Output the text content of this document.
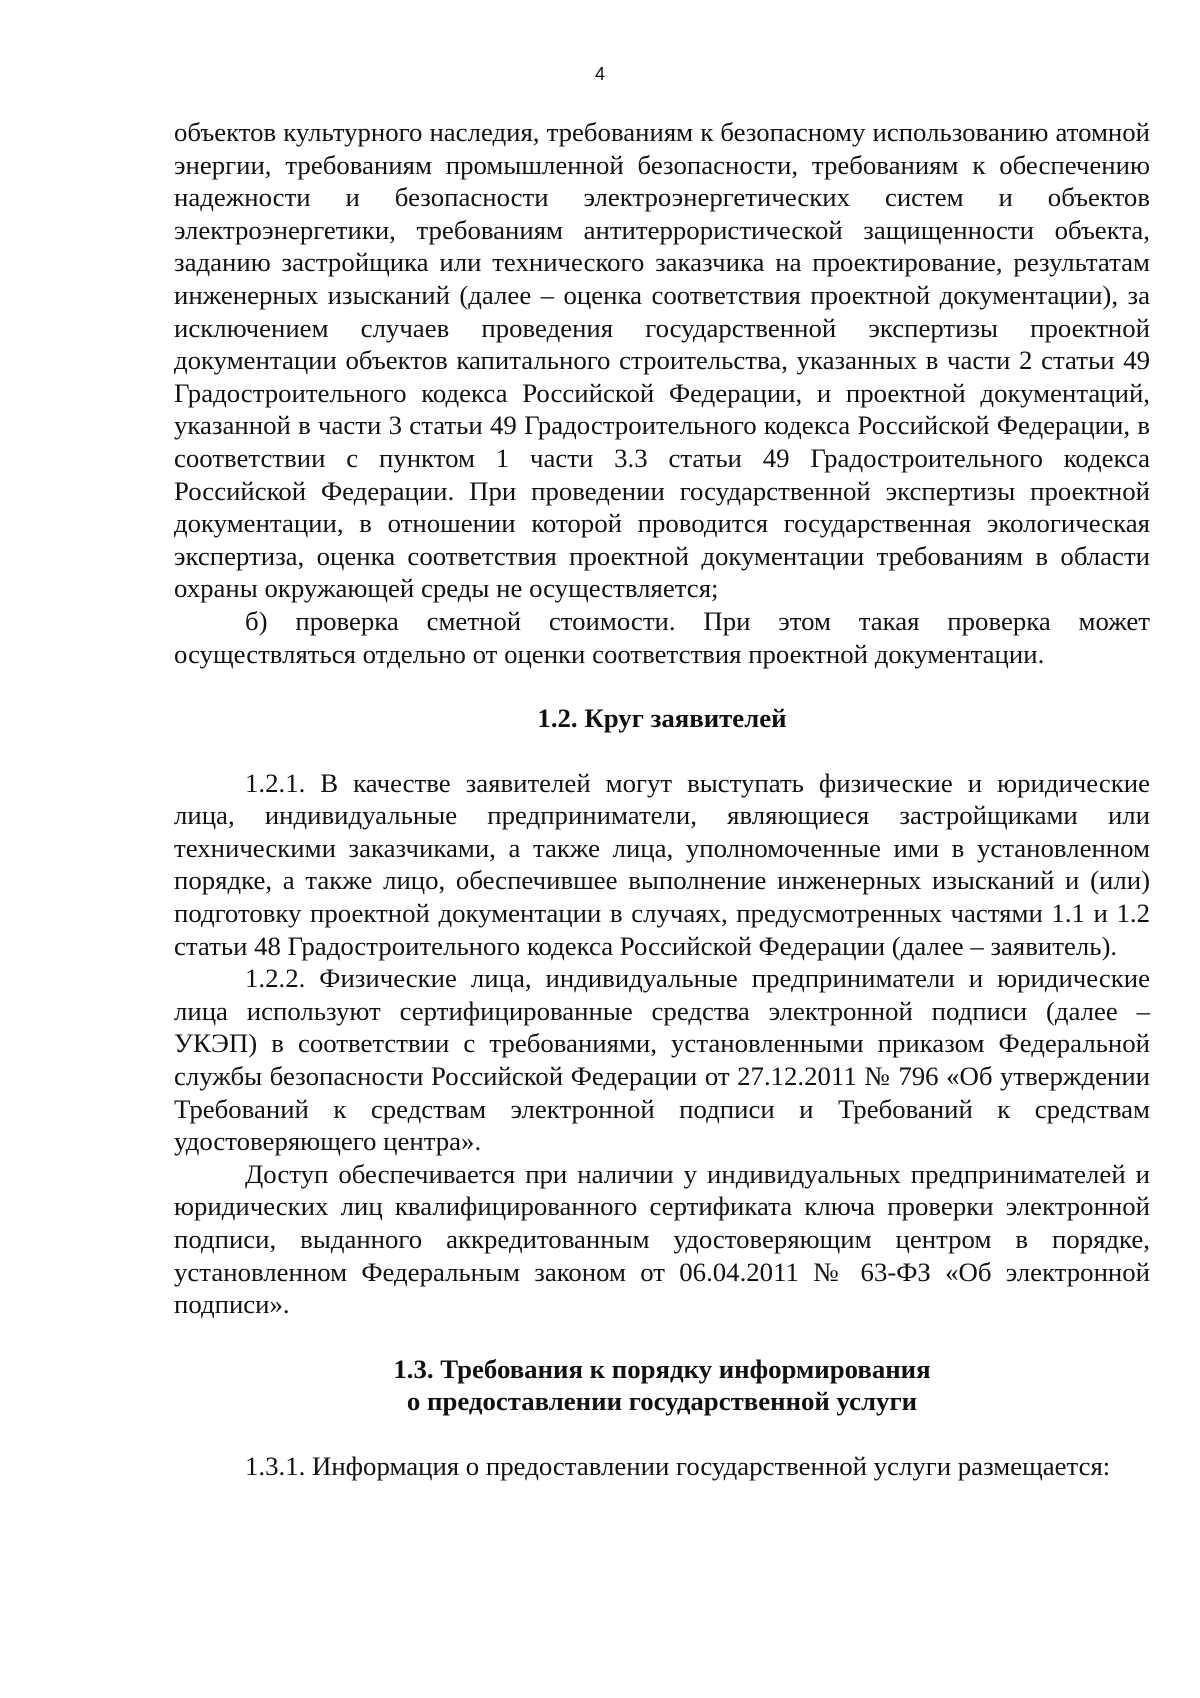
4

объектов культурного наследия, требованиям к безопасному использованию атомной энергии, требованиям промышленной безопасности, требованиям к обеспечению надежности и безопасности электроэнергетических систем и объектов электроэнергетики, требованиям антитеррористической защищенности объекта, заданию застройщика или технического заказчика на проектирование, результатам инженерных изысканий (далее – оценка соответствия проектной документации), за исключением случаев проведения государственной экспертизы проектной документации объектов капитального строительства, указанных в части 2 статьи 49 Градостроительного кодекса Российской Федерации, и проектной документаций, указанной в части 3 статьи 49 Градостроительного кодекса Российской Федерации, в соответствии с пунктом 1 части 3.3 статьи 49 Градостроительного кодекса Российской Федерации. При проведении государственной экспертизы проектной документации, в отношении которой проводится государственная экологическая экспертиза, оценка соответствия проектной документации требованиям в области охраны окружающей среды не осуществляется;

б) проверка сметной стоимости. При этом такая проверка может осуществляться отдельно от оценки соответствия проектной документации.

1.2. Круг заявителей

1.2.1. В качестве заявителей могут выступать физические и юридические лица, индивидуальные предприниматели, являющиеся застройщиками или техническими заказчиками, а также лица, уполномоченные ими в установленном порядке, а также лицо, обеспечившее выполнение инженерных изысканий и (или) подготовку проектной документации в случаях, предусмотренных частями 1.1 и 1.2 статьи 48 Градостроительного кодекса Российской Федерации (далее – заявитель).

1.2.2. Физические лица, индивидуальные предприниматели и юридические лица используют сертифицированные средства электронной подписи (далее – УКЭП) в соответствии с требованиями, установленными приказом Федеральной службы безопасности Российской Федерации от 27.12.2011 № 796 «Об утверждении Требований к средствам электронной подписи и Требований к средствам удостоверяющего центра».

Доступ обеспечивается при наличии у индивидуальных предпринимателей и юридических лиц квалифицированного сертификата ключа проверки электронной подписи, выданного аккредитованным удостоверяющим центром в порядке, установленном Федеральным законом от 06.04.2011 № 63-ФЗ «Об электронной подписи».

1.3. Требования к порядку информирования
о предоставлении государственной услуги

1.3.1. Информация о предоставлении государственной услуги размещается:
